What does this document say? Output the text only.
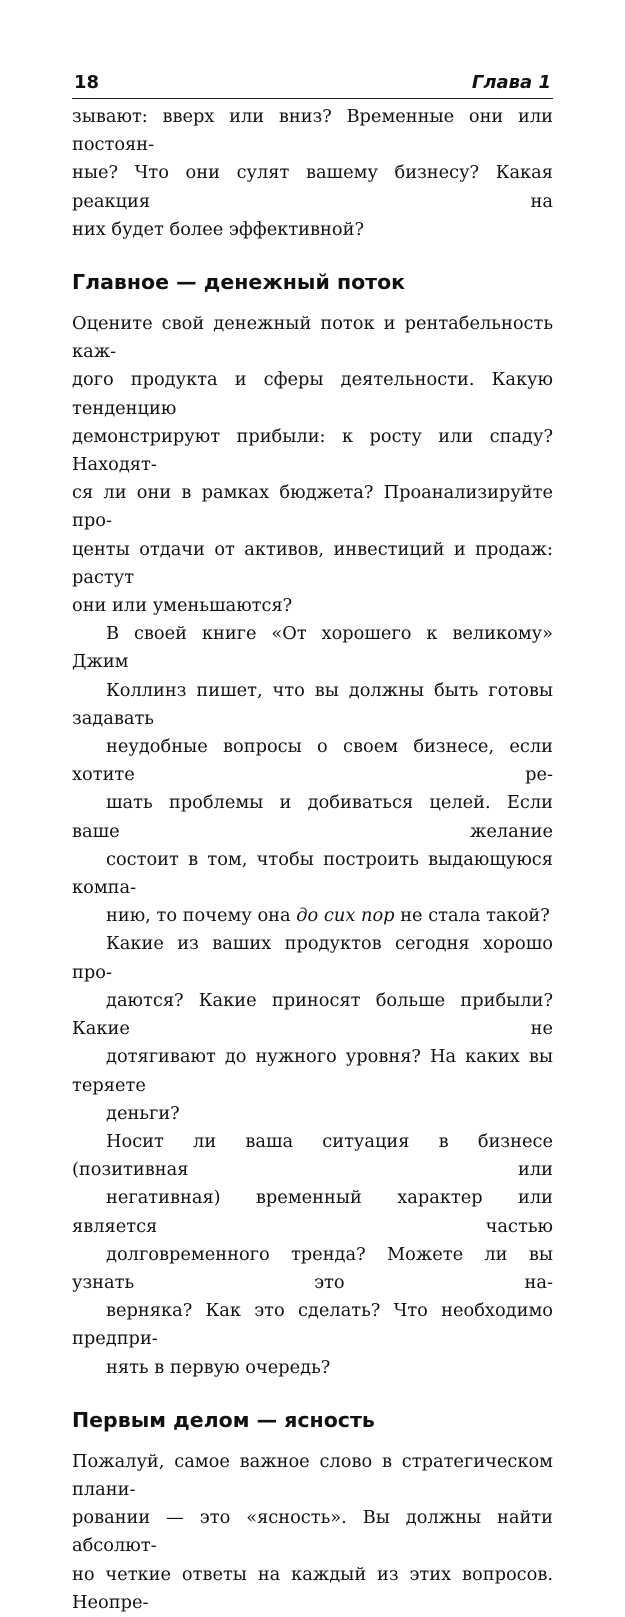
18	Глава 1

зывают: вверх или вниз? Временные они или постоян-
ные? Что они сулят вашему бизнесу? Какая реакция на
них будет более эффективной?

Главное — денежный поток

Оцените свой денежный поток и рентабельность каж-
дого продукта и сферы деятельности. Какую тенденцию
демонстрируют прибыли: к росту или спаду? Находят-
ся ли они в рамках бюджета? Проанализируйте про-
центы отдачи от активов, инвестиций и продаж: растут
они или уменьшаются?

В своей книге «От хорошего к великому» Джим
Коллинз пишет, что вы должны быть готовы задавать
неудобные вопросы о своем бизнесе, если хотите ре-
шать проблемы и добиваться целей. Если ваше желание
состоит в том, чтобы построить выдающуюся компа-
нию, то почему она до сих пор не стала такой?

Какие из ваших продуктов сегодня хорошо про-
даются? Какие приносят больше прибыли? Какие не
дотягивают до нужного уровня? На каких вы теряете
деньги?

Носит ли ваша ситуация в бизнесе (позитивная или
негативная) временный характер или является частью
долговременного тренда? Можете ли вы узнать это на-
верняка? Как это сделать? Что необходимо предпри-
нять в первую очередь?

Первым делом — ясность

Пожалуй, самое важное слово в стратегическом плани-
ровании — это «ясность». Вы должны найти абсолют-
но четкие ответы на каждый из этих вопросов. Неопре-
